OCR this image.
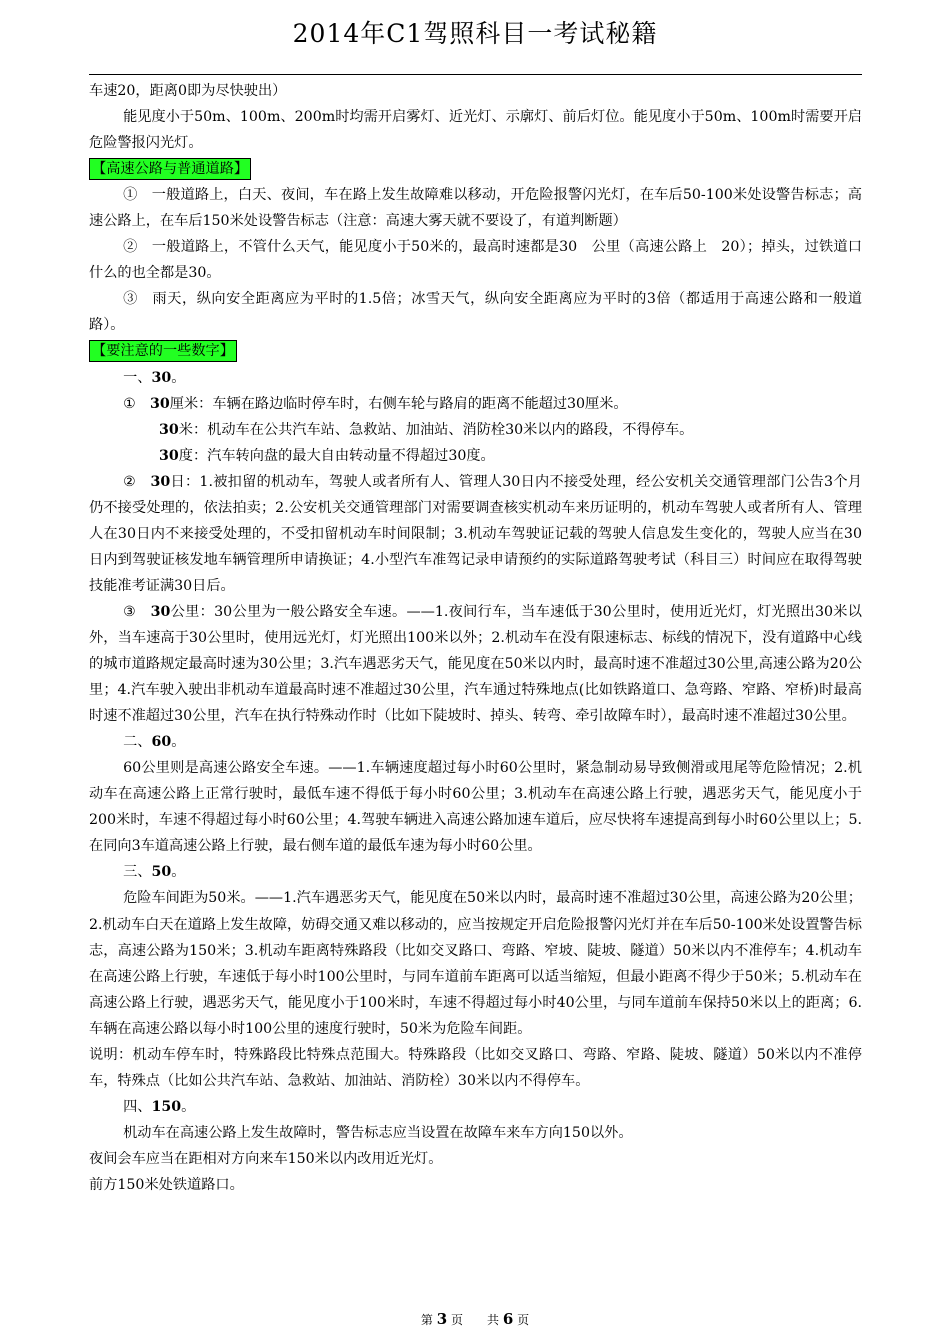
2014年C1驾照科目一考试秘籍

车速20，距离0即为尽快驶出）

能见度小于50m、100m、200m时均需开启雾灯、近光灯、示廓灯、前后灯位。能见度小于50m、100m时需要开启危险警报闪光灯。

【高速公路与普通道路】

①　一般道路上，白天、夜间，车在路上发生故障难以移动，开危险报警闪光灯，在车后50-100米处设警告标志；高速公路上，在车后150米处设警告标志（注意：高速大雾天就不要设了，有道判断题）

②　一般道路上，不管什么天气，能见度小于50米的，最高时速都是30　公里（高速公路上　20）；掉头，过铁道口什么的也全都是30。

③　雨天，纵向安全距离应为平时的1.5倍；冰雪天气，纵向安全距离应为平时的3倍（都适用于高速公路和一般道路）。

【要注意的一些数字】

一、30。

①　30厘米：车辆在路边临时停车时，右侧车轮与路肩的距离不能超过30厘米。

30米：机动车在公共汽车站、急救站、加油站、消防栓30米以内的路段，不得停车。

30度：汽车转向盘的最大自由转动量不得超过30度。

②　30日：1.被扣留的机动车，驾驶人或者所有人、管理人30日内不接受处理，经公安机关交通管理部门公告3个月仍不接受处理的，依法拍卖；2.公安机关交通管理部门对需要调查核实机动车来历证明的，机动车驾驶人或者所有人、管理人在30日内不来接受处理的，不受扣留机动车时间限制；3.机动车驾驶证记载的驾驶人信息发生变化的，驾驶人应当在30日内到驾驶证核发地车辆管理所申请换证；4.小型汽车准驾记录申请预约的实际道路驾驶考试（科目三）时间应在取得驾驶技能准考证满30日后。

③　30公里：30公里为一般公路安全车速。——1.夜间行车，当车速低于30公里时，使用近光灯，灯光照出30米以外，当车速高于30公里时，使用远光灯，灯光照出100米以外；2.机动车在没有限速标志、标线的情况下，没有道路中心线的城市道路规定最高时速为30公里；3.汽车遇恶劣天气，能见度在50米以内时，最高时速不准超过30公里,高速公路为20公里；4.汽车驶入驶出非机动车道最高时速不准超过30公里，汽车通过特殊地点(比如铁路道口、急弯路、窄路、窄桥)时最高时速不准超过30公里，汽车在执行特殊动作时（比如下陡坡时、掉头、转弯、牵引故障车时），最高时速不准超过30公里。

二、60。

60公里则是高速公路安全车速。——1.车辆速度超过每小时60公里时，紧急制动易导致侧滑或甩尾等危险情况；2.机动车在高速公路上正常行驶时，最低车速不得低于每小时60公里；3.机动车在高速公路上行驶，遇恶劣天气，能见度小于200米时，车速不得超过每小时60公里；4.驾驶车辆进入高速公路加速车道后，应尽快将车速提高到每小时60公里以上；5.在同向3车道高速公路上行驶，最右侧车道的最低车速为每小时60公里。

三、50。

危险车间距为50米。——1.汽车遇恶劣天气，能见度在50米以内时，最高时速不准超过30公里，高速公路为20公里；2.机动车白天在道路上发生故障，妨碍交通又难以移动的，应当按规定开启危险报警闪光灯并在车后50-100米处设置警告标志，高速公路为150米；3.机动车距离特殊路段（比如交叉路口、弯路、窄坡、陡坡、隧道）50米以内不准停车；4.机动车在高速公路上行驶，车速低于每小时100公里时，与同车道前车距离可以适当缩短，但最小距离不得少于50米；5.机动车在高速公路上行驶，遇恶劣天气，能见度小于100米时，车速不得超过每小时40公里，与同车道前车保持50米以上的距离；6.车辆在高速公路以每小时100公里的速度行驶时，50米为危险车间距。

说明：机动车停车时，特殊路段比特殊点范围大。特殊路段（比如交叉路口、弯路、窄路、陡坡、隧道）50米以内不准停车，特殊点（比如公共汽车站、急救站、加油站、消防栓）30米以内不得停车。

四、150。

机动车在高速公路上发生故障时，警告标志应当设置在故障车来车方向150以外。

夜间会车应当在距相对方向来车150米以内改用近光灯。

前方150米处铁道路口。

第 3 页　　共 6 页
